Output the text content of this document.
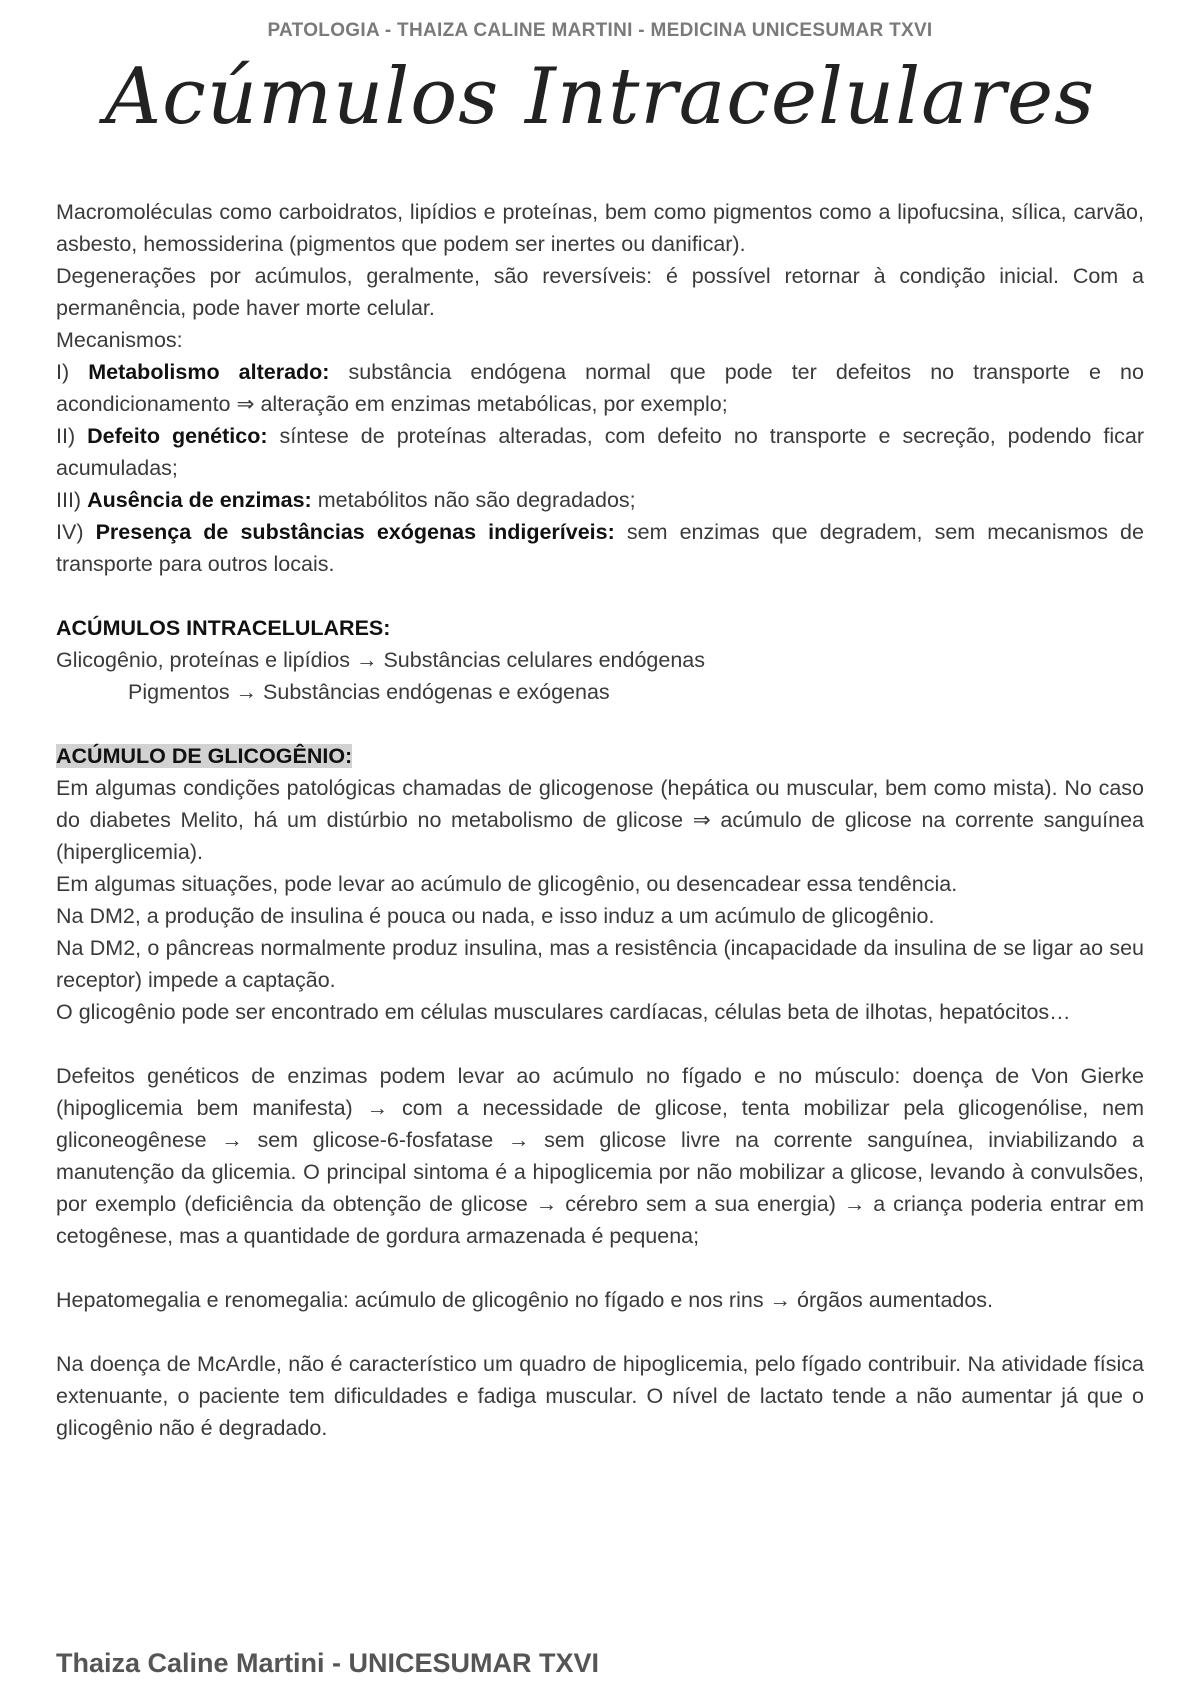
PATOLOGIA - THAIZA CALINE MARTINI - MEDICINA UNICESUMAR TXVI
Acúmulos Intracelulares

Macromoléculas como carboidratos, lipídios e proteínas, bem como pigmentos como a lipofucsina, sílica, carvão, asbesto, hemossiderina (pigmentos que podem ser inertes ou danificar).

Degenerações por acúmulos, geralmente, são reversíveis: é possível retornar à condição inicial. Com a permanência, pode haver morte celular.

Mecanismos:

I) Metabolismo alterado: substância endógena normal que pode ter defeitos no transporte e no acondicionamento ⇒ alteração em enzimas metabólicas, por exemplo;

II) Defeito genético: síntese de proteínas alteradas, com defeito no transporte e secreção, podendo ficar acumuladas;

III) Ausência de enzimas: metabólitos não são degradados;

IV) Presença de substâncias exógenas indigeríveis: sem enzimas que degradem, sem mecanismos de transporte para outros locais.

ACÚMULOS INTRACELULARES:

Glicogênio, proteínas e lipídios → Substâncias celulares endógenas

Pigmentos → Substâncias endógenas e exógenas

ACÚMULO DE GLICOGÊNIO:

Em algumas condições patológicas chamadas de glicogenose (hepática ou muscular, bem como mista). No caso do diabetes Melito, há um distúrbio no metabolismo de glicose ⇒ acúmulo de glicose na corrente sanguínea (hiperglicemia).

Em algumas situações, pode levar ao acúmulo de glicogênio, ou desencadear essa tendência.

Na DM2, a produção de insulina é pouca ou nada, e isso induz a um acúmulo de glicogênio.

Na DM2, o pâncreas normalmente produz insulina, mas a resistência (incapacidade da insulina de se ligar ao seu receptor) impede a captação.

O glicogênio pode ser encontrado em células musculares cardíacas, células beta de ilhotas, hepatócitos…

Defeitos genéticos de enzimas podem levar ao acúmulo no fígado e no músculo: doença de Von Gierke (hipoglicemia bem manifesta) → com a necessidade de glicose, tenta mobilizar pela glicogenólise, nem gliconeogênese → sem glicose-6-fosfatase → sem glicose livre na corrente sanguínea, inviabilizando a manutenção da glicemia. O principal sintoma é a hipoglicemia por não mobilizar a glicose, levando à convulsões, por exemplo (deficiência da obtenção de glicose → cérebro sem a sua energia) → a criança poderia entrar em cetogênese, mas a quantidade de gordura armazenada é pequena;

Hepatomegalia e renomegalia: acúmulo de glicogênio no fígado e nos rins → órgãos aumentados.

Na doença de McArdle, não é característico um quadro de hipoglicemia, pelo fígado contribuir. Na atividade física extenuante, o paciente tem dificuldades e fadiga muscular. O nível de lactato tende a não aumentar já que o glicogênio não é degradado.

Thaiza Caline Martini - UNICESUMAR TXVI
